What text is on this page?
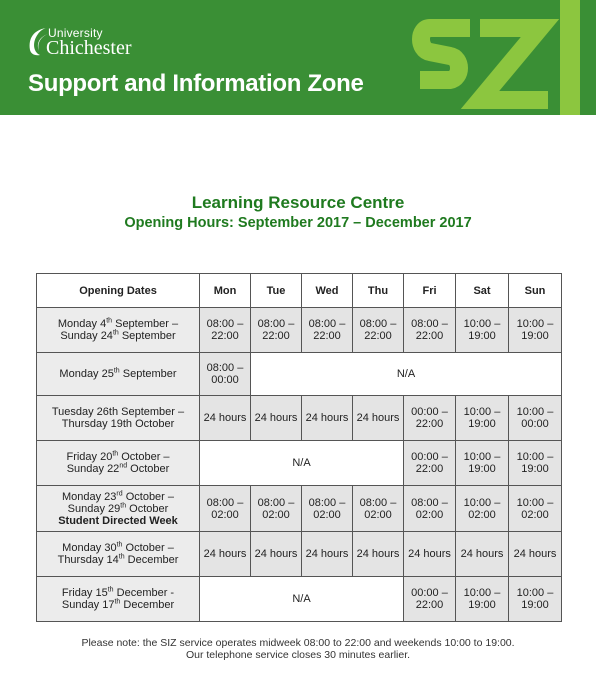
University
Chichester
Support and Information Zone
Learning Resource Centre
Opening Hours: September 2017 – December 2017
Opening Dates	Mon	Tue	Wed	Thu	Fri	Sat	Sun
Monday 4th September –
Sunday 24th September	08:00 – 22:00	08:00 – 22:00	08:00 – 22:00	08:00 – 22:00	08:00 – 22:00	10:00 – 19:00	10:00 – 19:00
Monday 25th September	08:00 – 00:00	N/A					
Tuesday 26th September –
Thursday 19th October	24 hours	24 hours	24 hours	24 hours	00:00 – 22:00	10:00 – 19:00	10:00 – 00:00
Friday 20th October –
Sunday 22nd October	N/A				00:00 – 22:00	10:00 – 19:00	10:00 – 19:00
Monday 23rd October –
Sunday 29th October
Student Directed Week	08:00 – 02:00	08:00 – 02:00	08:00 – 02:00	08:00 – 02:00	08:00 – 02:00	10:00 – 02:00	10:00 – 02:00
Monday 30th October –
Thursday 14th December	24 hours	24 hours	24 hours	24 hours	24 hours	24 hours	24 hours
Friday 15th December -
Sunday 17th December	N/A				00:00 – 22:00	10:00 – 19:00	10:00 – 19:00
Please note: the SIZ service operates midweek 08:00 to 22:00 and weekends 10:00 to 19:00.
Our telephone service closes 30 minutes earlier.
